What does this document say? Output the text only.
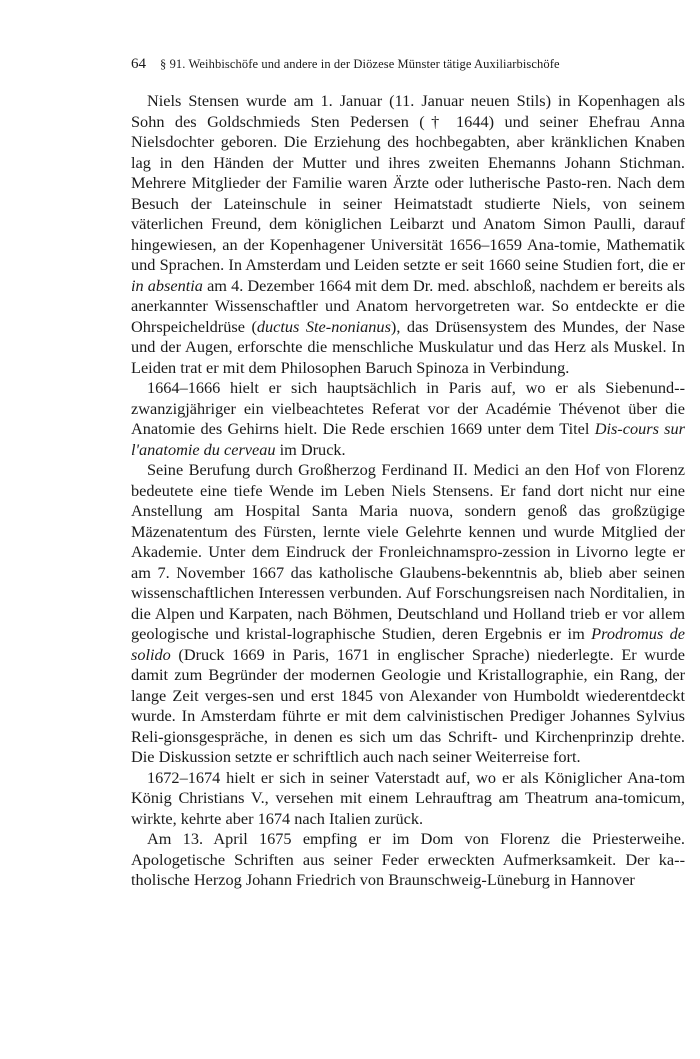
64 § 91. Weihbischöfe und andere in der Diözese Münster tätige Auxiliarbischöfe

Niels Stensen wurde am 1. Januar (11. Januar neuen Stils) in Kopenhagen als Sohn des Goldschmieds Sten Pedersen († 1644) und seiner Ehefrau Anna Nielsdochter geboren. Die Erziehung des hochbegabten, aber kränklichen Knaben lag in den Händen der Mutter und ihres zweiten Ehemanns Johann Stichman. Mehrere Mitglieder der Familie waren Ärzte oder lutherische Pasto-ren. Nach dem Besuch der Lateinschule in seiner Heimatstadt studierte Niels, von seinem väterlichen Freund, dem königlichen Leibarzt und Anatom Simon Paulli, darauf hingewiesen, an der Kopenhagener Universität 1656–1659 Ana-tomie, Mathematik und Sprachen. In Amsterdam und Leiden setzte er seit 1660 seine Studien fort, die er in absentia am 4. Dezember 1664 mit dem Dr. med. abschloß, nachdem er bereits als anerkannter Wissenschaftler und Anatom hervorgetreten war. So entdeckte er die Ohrspeicheldrüse (ductus Ste-nonianus), das Drüsensystem des Mundes, der Nase und der Augen, erforschte die menschliche Muskulatur und das Herz als Muskel. In Leiden trat er mit dem Philosophen Baruch Spinoza in Verbindung.

1664–1666 hielt er sich hauptsächlich in Paris auf, wo er als Siebenund-zwanzigjähriger ein vielbeachtetes Referat vor der Académie Thévenot über die Anatomie des Gehirns hielt. Die Rede erschien 1669 unter dem Titel Dis-cours sur l'anatomie du cerveau im Druck.

Seine Berufung durch Großherzog Ferdinand II. Medici an den Hof von Florenz bedeutete eine tiefe Wende im Leben Niels Stensens. Er fand dort nicht nur eine Anstellung am Hospital Santa Maria nuova, sondern genoß das großzügige Mäzenatentum des Fürsten, lernte viele Gelehrte kennen und wurde Mitglied der Akademie. Unter dem Eindruck der Fronleichnamspro-zession in Livorno legte er am 7. November 1667 das katholische Glaubens-bekenntnis ab, blieb aber seinen wissenschaftlichen Interessen verbunden. Auf Forschungsreisen nach Norditalien, in die Alpen und Karpaten, nach Böhmen, Deutschland und Holland trieb er vor allem geologische und kristal-lographische Studien, deren Ergebnis er im Prodromus de solido (Druck 1669 in Paris, 1671 in englischer Sprache) niederlegte. Er wurde damit zum Begründer der modernen Geologie und Kristallographie, ein Rang, der lange Zeit verges-sen und erst 1845 von Alexander von Humboldt wiederentdeckt wurde. In Amsterdam führte er mit dem calvinistischen Prediger Johannes Sylvius Reli-gionsgespräche, in denen es sich um das Schrift- und Kirchenprinzip drehte. Die Diskussion setzte er schriftlich auch nach seiner Weiterreise fort.

1672–1674 hielt er sich in seiner Vaterstadt auf, wo er als Königlicher Ana-tom König Christians V., versehen mit einem Lehrauftrag am Theatrum ana-tomicum, wirkte, kehrte aber 1674 nach Italien zurück.

Am 13. April 1675 empfing er im Dom von Florenz die Priesterweihe. Apologetische Schriften aus seiner Feder erweckten Aufmerksamkeit. Der ka-tholische Herzog Johann Friedrich von Braunschweig-Lüneburg in Hannover
